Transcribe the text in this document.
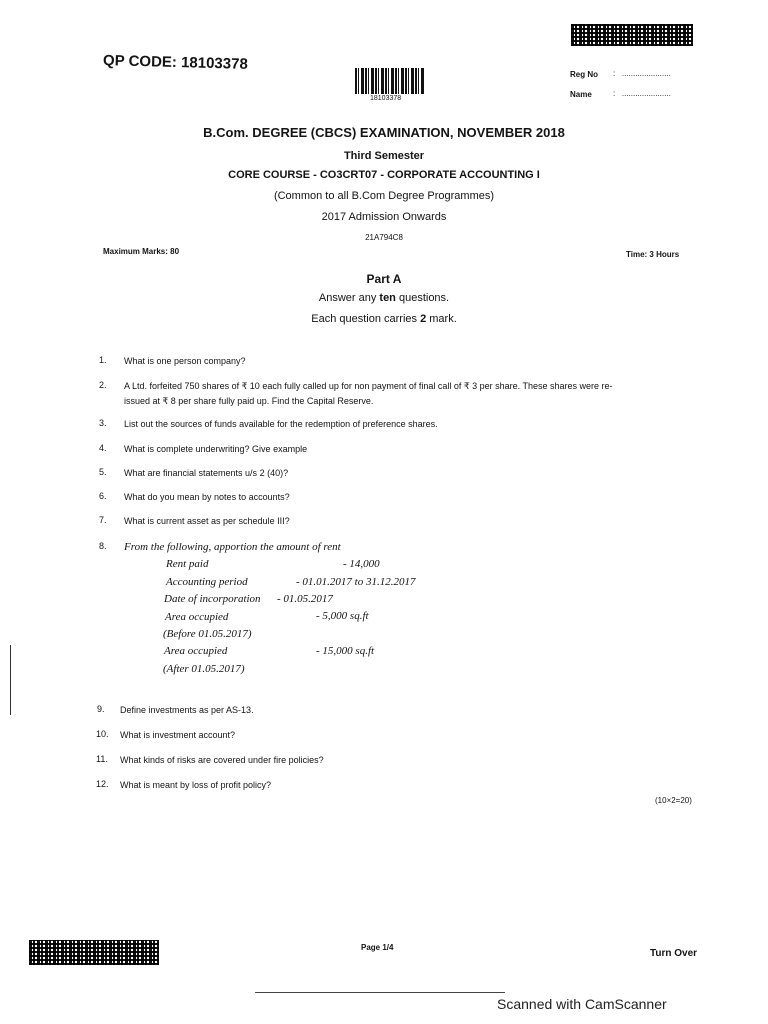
QP CODE: 18103378
18103378
Reg No :   ......................
Name	:   ......................
B.Com. DEGREE (CBCS) EXAMINATION, NOVEMBER 2018
Third Semester
CORE COURSE - CO3CRT07 - CORPORATE ACCOUNTING I
(Common to all B.Com Degree Programmes)
2017 Admission Onwards
21A794C8
Maximum Marks: 80	Time: 3 Hours
Part A
Answer any ten questions.
Each question carries 2 mark.
1. What is one person company?
2. A Ltd. forfeited 750 shares of ₹ 10 each fully called up for non payment of final call of ₹ 3 per share. These shares were re-
issued at ₹ 8 per share fully paid up. Find the Capital Reserve.
3. List out the sources of funds available for the redemption of preference shares.
4. What is complete underwriting? Give example
5. What are financial statements u/s 2 (40)?
6. What do you mean by notes to accounts?
7. What is current asset as per schedule III?
8. From the following, apportion the amount of rent
Rent paid	- 14,000
Accounting period	- 01.01.2017 to 31.12.2017
Date of incorporation - 01.05.2017
Area occupied	- 5,000 sq.ft
(Before 01.05.2017)
Area occupied	- 15,000 sq.ft
(After 01.05.2017)
9. Define investments as per AS-13.
10. What is investment account?
11. What kinds of risks are covered under fire policies?
12. What is meant by loss of profit policy?
(10×2=20)
Page 1/4
Turn Over
Scanned with CamScanner
